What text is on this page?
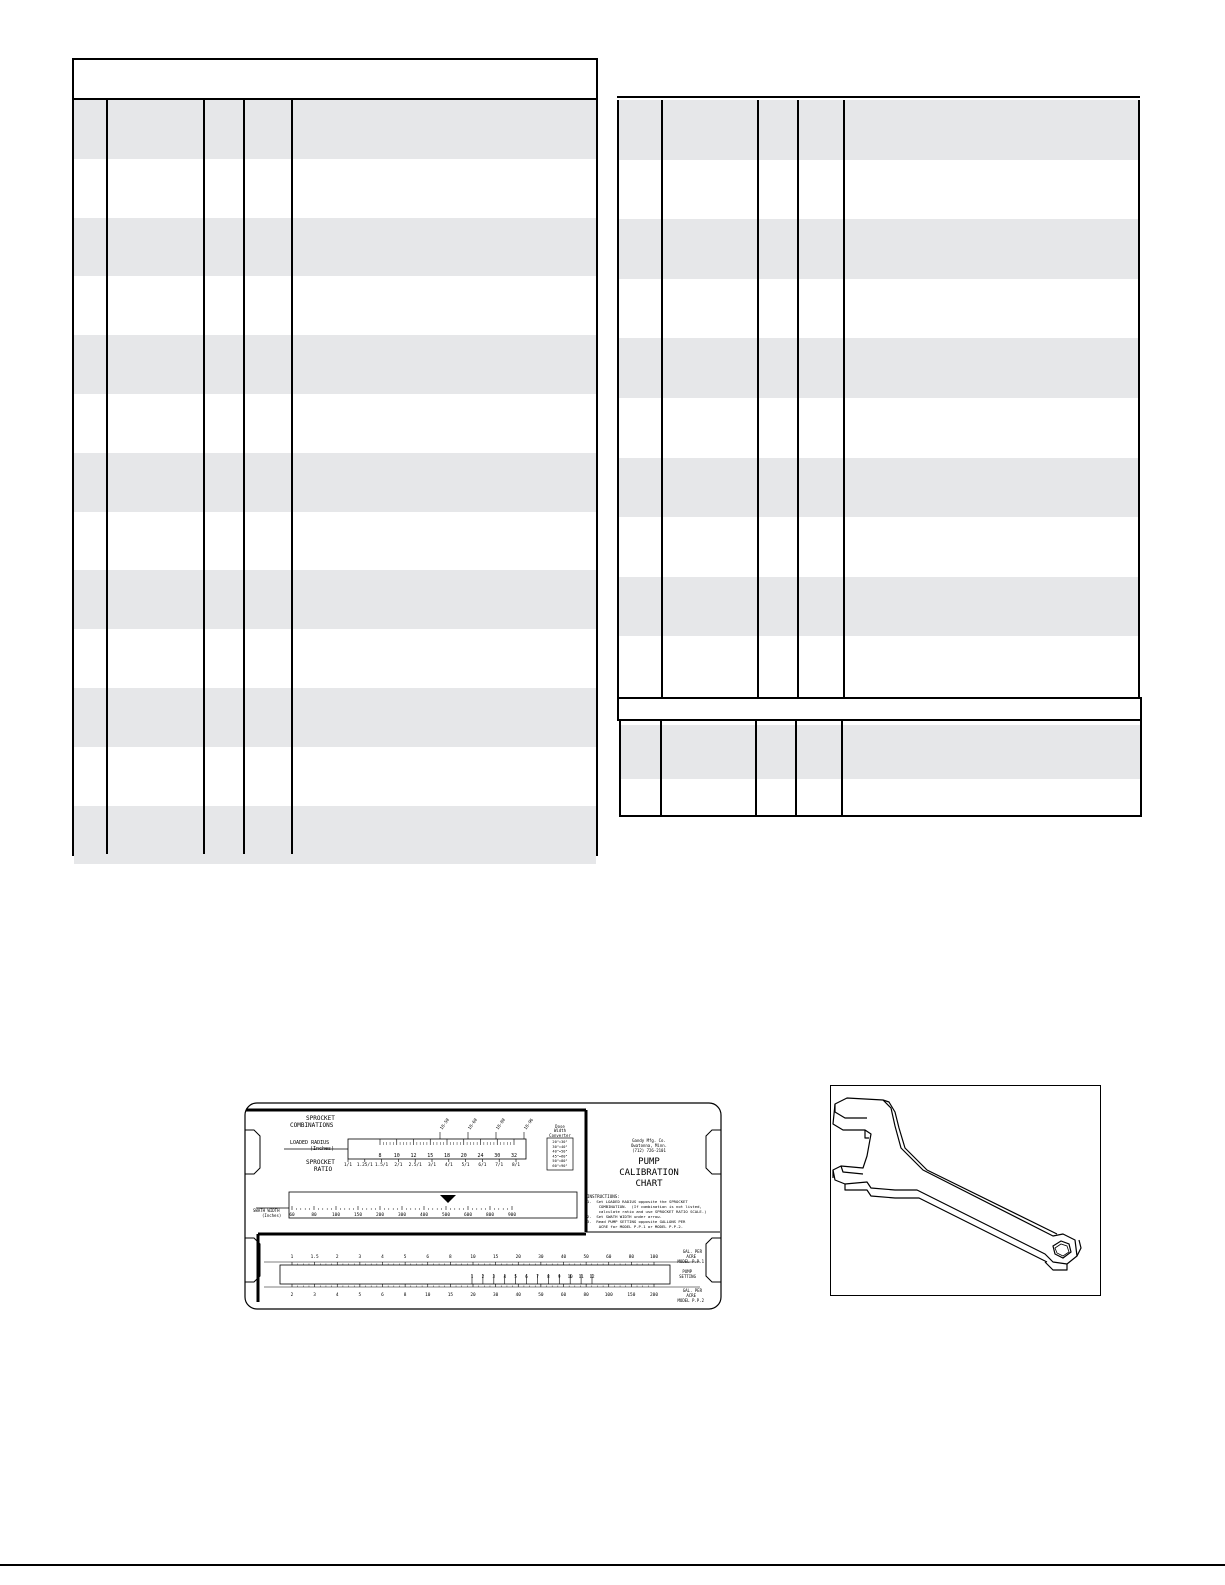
18-50	18-60	18-80	18-96
8 10 12 15 18 20 24 30 32
1/1 1.25/1 1.5/1 2/1 2.5/1 3/1 4/1 5/1 6/1 7/1 8/1
60	80	100	150	200	300	400	500	600	800	900
1	1.5	2	3	4	5	6	8	10	15	20	30	40	50	60	80	100
1 2 3 4 5 6 7 8 9 10 11 12
2	3	4	5	6	8	10	15	20	30	40	50	60	80	100	150	200
SPROCKET
COMBINATIONS
LOADED RADIUS
(Inches)
SPROCKET
RATIO
SWATH WIDTH
(Inches)
Dose
Width
Converter
20"=30"
30"=40"
40"=50"
45"=60"
50"=80"
60"=90"
Gandy Mfg. Co.
Owatonna, Minn.
(712) 726-2101
PUMP
CALIBRATION
CHART
INSTRUCTIONS:
1.  Set LOADED RADIUS opposite the SPROCKET
COMBINATION.  (If combination is not listed,
calculate ratio and use SPROCKET RATIO SCALE.)
2.  Set SWATH WIDTH under arrow.
3.  Read PUMP SETTING opposite GALLONS PER
ACRE for MODEL P.P.1 or MODEL P.P.2.
GAL. PER
ACRE
MODEL P.P.1
PUMP
SETTING
GAL. PER
ACRE
MODEL P.P.2
